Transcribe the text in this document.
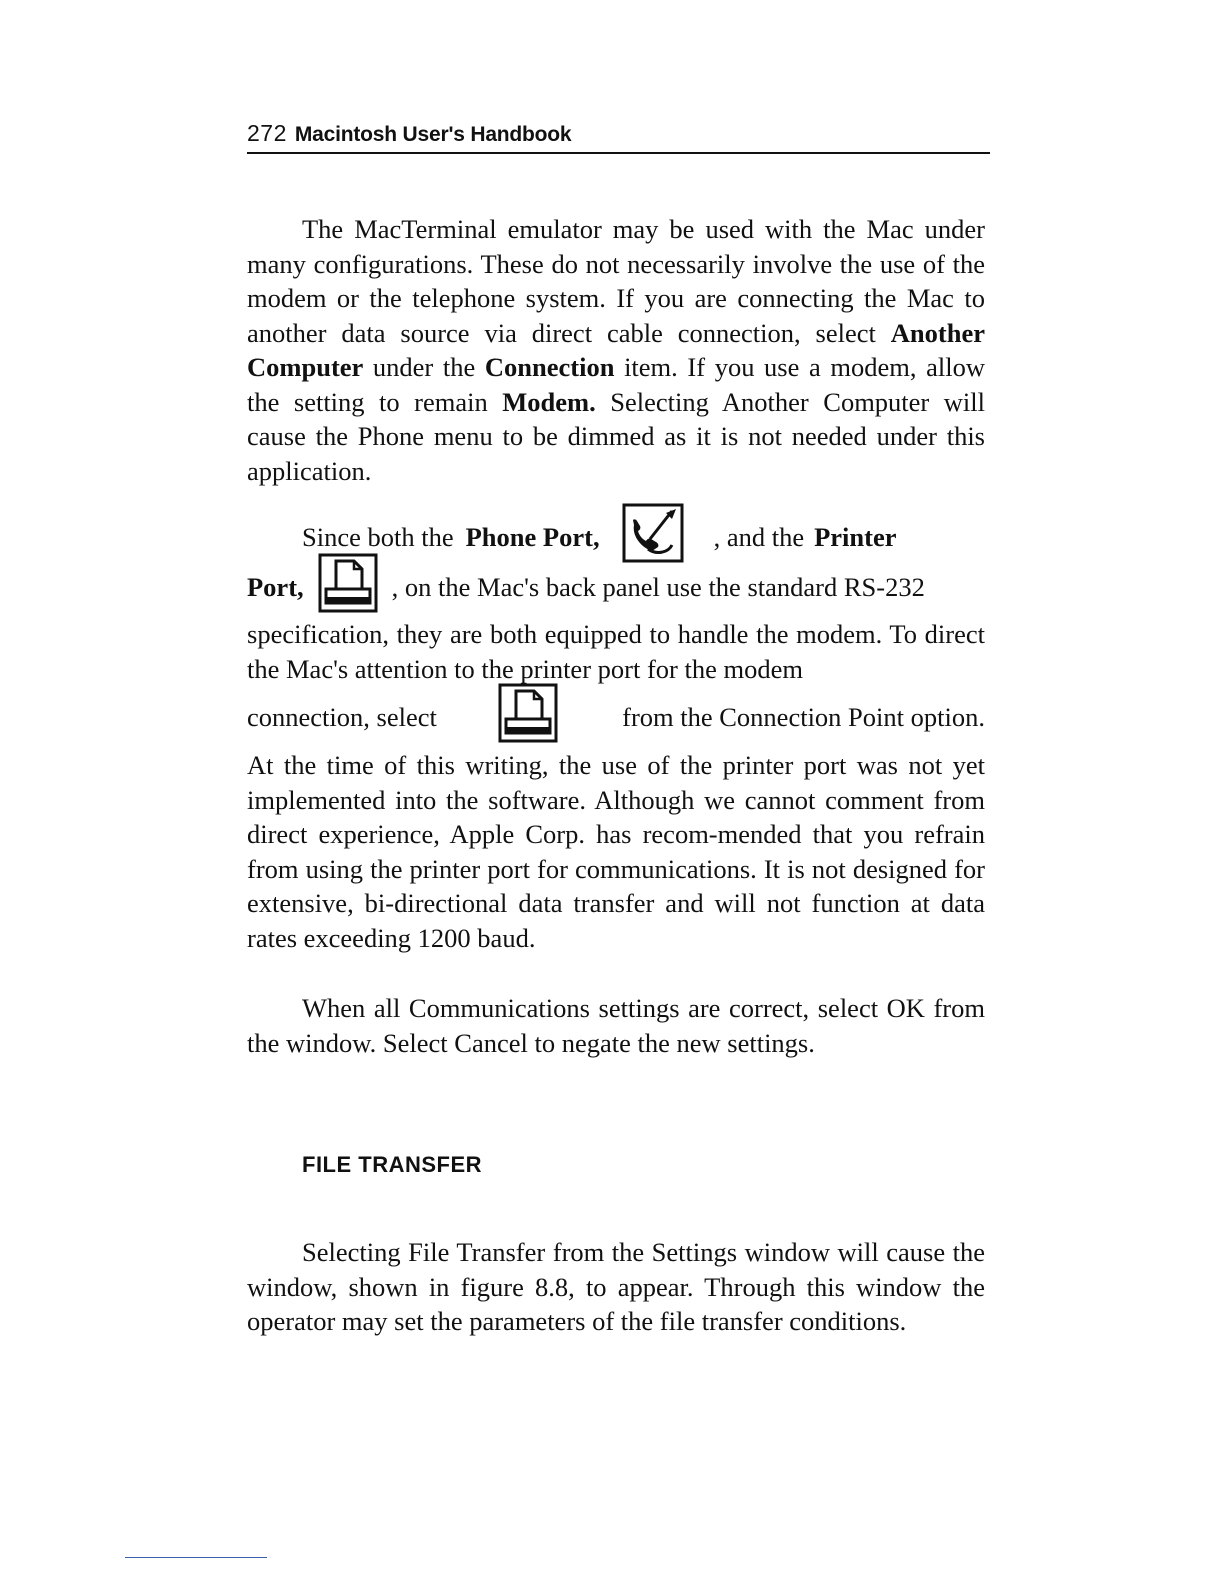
272 Macintosh User's Handbook

The MacTerminal emulator may be used with the Mac under many configurations. These do not necessarily involve the use of the modem or the telephone system. If you are connecting the Mac to another data source via direct cable connection, select Another Computer under the Connection item. If you use a modem, allow the setting to remain Modem. Selecting Another Computer will cause the Phone menu to be dimmed as it is not needed under this application.

Since both the Phone Port,	, and the Printer
Port,	, on the Mac's back panel use the standard RS-232

specification, they are both equipped to handle the modem. To direct the Mac's attention to the printer port for the modem

connection, select	from the Connection Point option.

At the time of this writing, the use of the printer port was not yet implemented into the software. Although we cannot comment from direct experience, Apple Corp. has recom-mended that you refrain from using the printer port for communications. It is not designed for extensive, bi-directional data transfer and will not function at data rates exceeding 1200 baud.

When all Communications settings are correct, select OK from the window. Select Cancel to negate the new settings.

FILE TRANSFER

Selecting File Transfer from the Settings window will cause the window, shown in figure 8.8, to appear. Through this window the operator may set the parameters of the file transfer conditions.
